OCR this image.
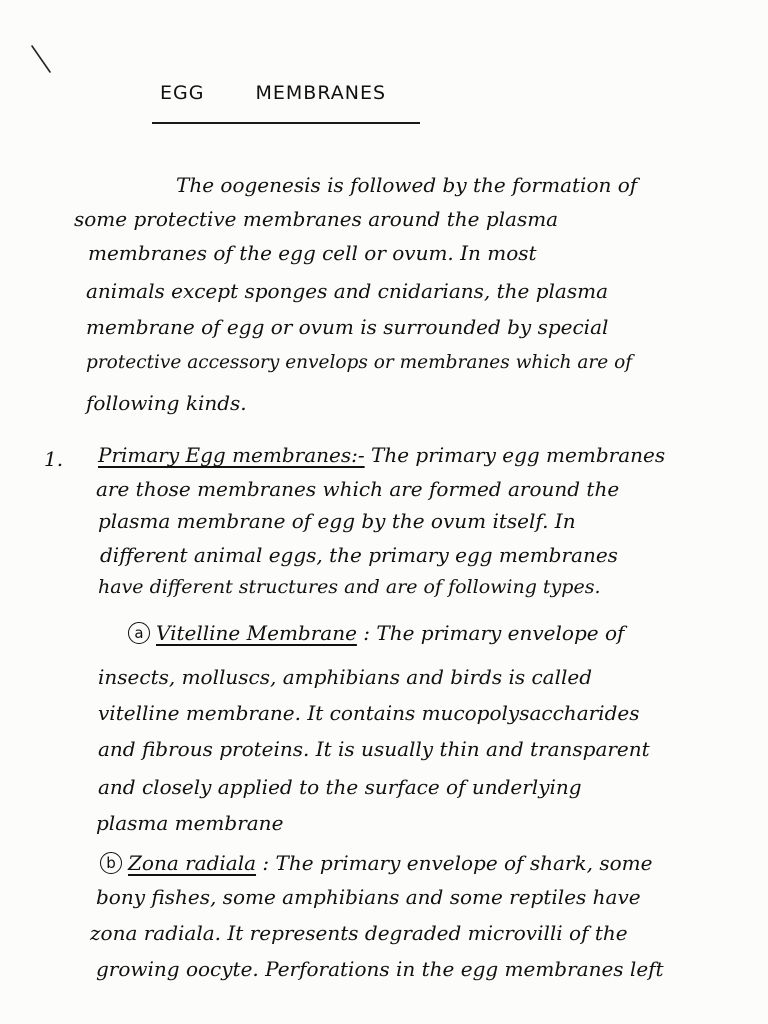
EGG MEMBRANES
The oogenesis is followed by the formation of
some protective membranes around the plasma
membranes of the egg cell or ovum. In most
animals except sponges and cnidarians, the plasma
membrane of egg or ovum is surrounded by special
protective accessory envelops or membranes which are of
following kinds.
1. Primary Egg membranes:- The primary egg membranes
are those membranes which are formed around the
plasma membrane of egg by the ovum itself. In
different animal eggs, the primary egg membranes
have different structures and are of following types.
a Vitelline Membrane : The primary envelope of
insects, molluscs, amphibians and birds is called
vitelline membrane. It contains mucopolysaccharides
and fibrous proteins. It is usually thin and transparent
and closely applied to the surface of underlying
plasma membrane
b Zona radiala : The primary envelope of shark, some
bony fishes, some amphibians and some reptiles have
zona radiala. It represents degraded microvilli of the
growing oocyte. Perforations in the egg membranes left
